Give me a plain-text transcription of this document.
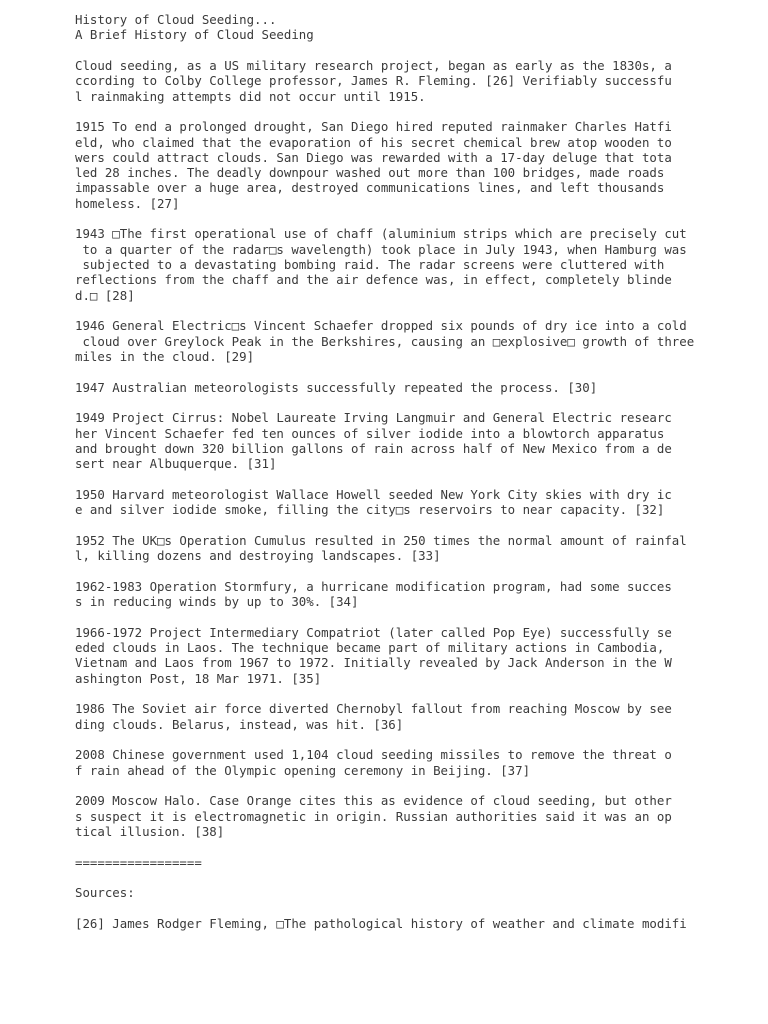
History of Cloud Seeding...
A Brief History of Cloud Seeding
Cloud seeding, as a US military research project, began as early as the 1830s, a
ccording to Colby College professor, James R. Fleming. [26] Verifiably successfu
l rainmaking attempts did not occur until 1915.
1915 To end a prolonged drought, San Diego hired reputed rainmaker Charles Hatfi
eld, who claimed that the evaporation of his secret chemical brew atop wooden to
wers could attract clouds. San Diego was rewarded with a 17-day deluge that tota
led 28 inches. The deadly downpour washed out more than 100 bridges, made roads
impassable over a huge area, destroyed communications lines, and left thousands
homeless. [27]
1943 □The first operational use of chaff (aluminium strips which are precisely cut
to a quarter of the radar□s wavelength) took place in July 1943, when Hamburg was
subjected to a devastating bombing raid. The radar screens were cluttered with
reflections from the chaff and the air defence was, in effect, completely blinde
d.□ [28]
1946 General Electric□s Vincent Schaefer dropped six pounds of dry ice into a cold
cloud over Greylock Peak in the Berkshires, causing an □explosive□ growth of three
miles in the cloud. [29]
1947 Australian meteorologists successfully repeated the process. [30]
1949 Project Cirrus: Nobel Laureate Irving Langmuir and General Electric researc
her Vincent Schaefer fed ten ounces of silver iodide into a blowtorch apparatus
and brought down 320 billion gallons of rain across half of New Mexico from a de
sert near Albuquerque. [31]
1950 Harvard meteorologist Wallace Howell seeded New York City skies with dry ic
e and silver iodide smoke, filling the city□s reservoirs to near capacity. [32]
1952 The UK□s Operation Cumulus resulted in 250 times the normal amount of rainfal
l, killing dozens and destroying landscapes. [33]
1962-1983 Operation Stormfury, a hurricane modification program, had some succes
s in reducing winds by up to 30%. [34]
1966-1972 Project Intermediary Compatriot (later called Pop Eye) successfully se
eded clouds in Laos. The technique became part of military actions in Cambodia,
Vietnam and Laos from 1967 to 1972. Initially revealed by Jack Anderson in the W
ashington Post, 18 Mar 1971. [35]
1986 The Soviet air force diverted Chernobyl fallout from reaching Moscow by see
ding clouds. Belarus, instead, was hit. [36]
2008 Chinese government used 1,104 cloud seeding missiles to remove the threat o
f rain ahead of the Olympic opening ceremony in Beijing. [37]
2009 Moscow Halo. Case Orange cites this as evidence of cloud seeding, but other
s suspect it is electromagnetic in origin. Russian authorities said it was an op
tical illusion. [38]
=================
Sources:
[26] James Rodger Fleming, □The pathological history of weather and climate modifi
